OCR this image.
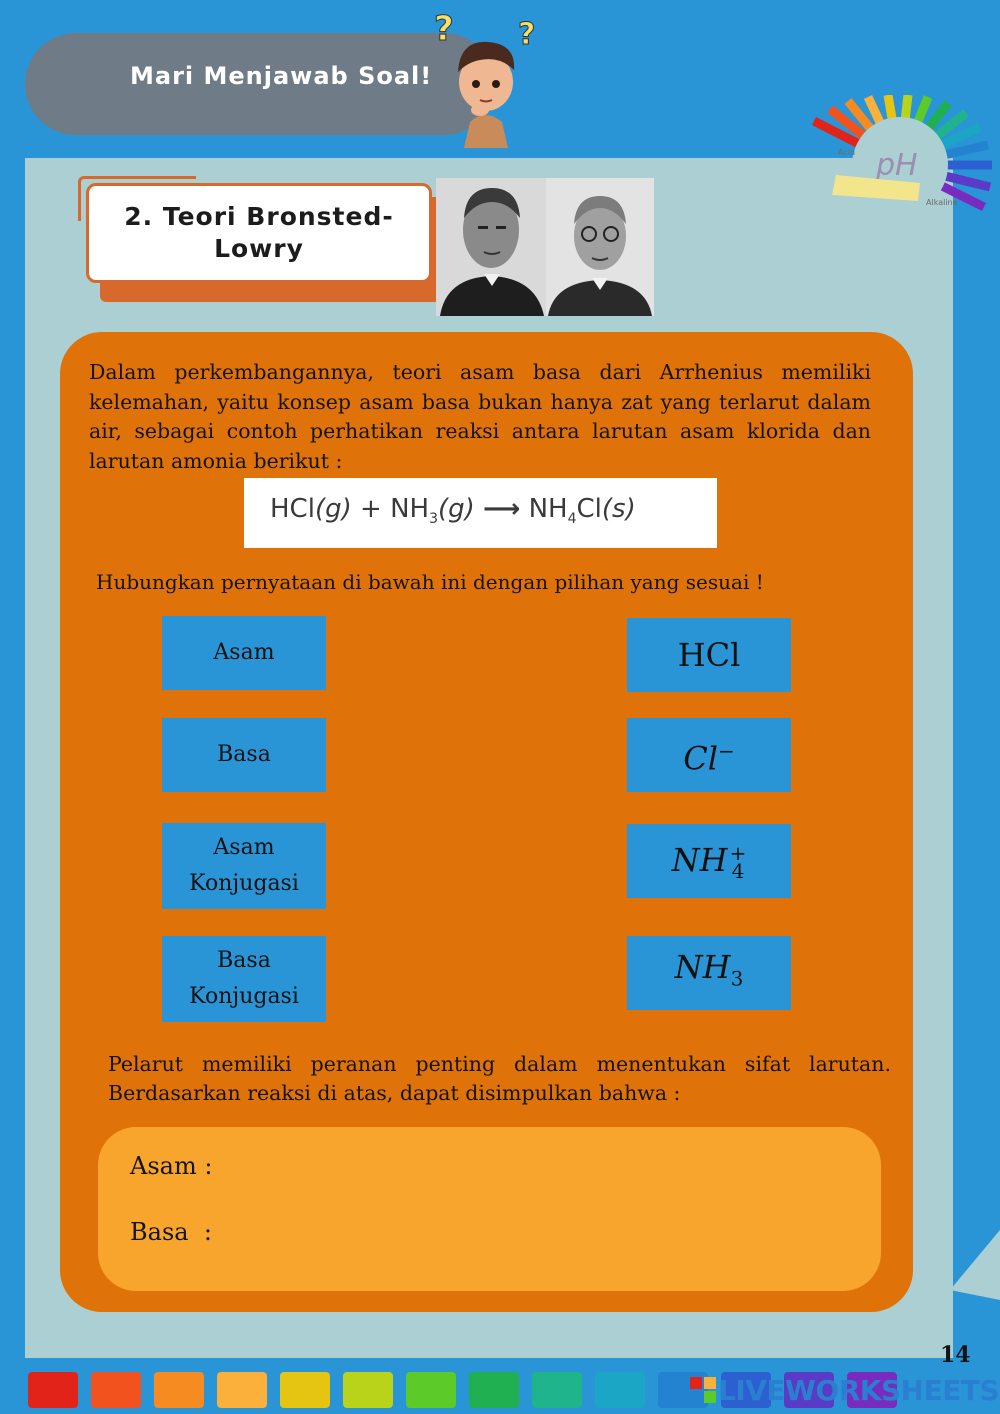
Mari Menjawab Soal!
? ?
pH
Acid
Alkaline
2. Teori Bronsted-Lowry
Dalam perkembangannya, teori asam basa dari Arrhenius memiliki kelemahan, yaitu konsep asam basa bukan hanya zat yang terlarut dalam air, sebagai contoh perhatikan reaksi antara larutan asam klorida dan larutan amonia berikut :
$HCl(g) + NH_3(g)$ ⟶ $NH_4Cl(s)$
Hubungkan pernyataan di bawah ini dengan pilihan yang sesuai !
Asam
Basa
Asam Konjugasi
Basa Konjugasi
HCl
Cl−
NH +
4
$NH_3$
Pelarut memiliki peranan penting dalam menentukan sifat larutan. Berdasarkan reaksi di atas, dapat disimpulkan bahwa :
Asam :
Basa  :
14
LIVEWORKSHEETS
